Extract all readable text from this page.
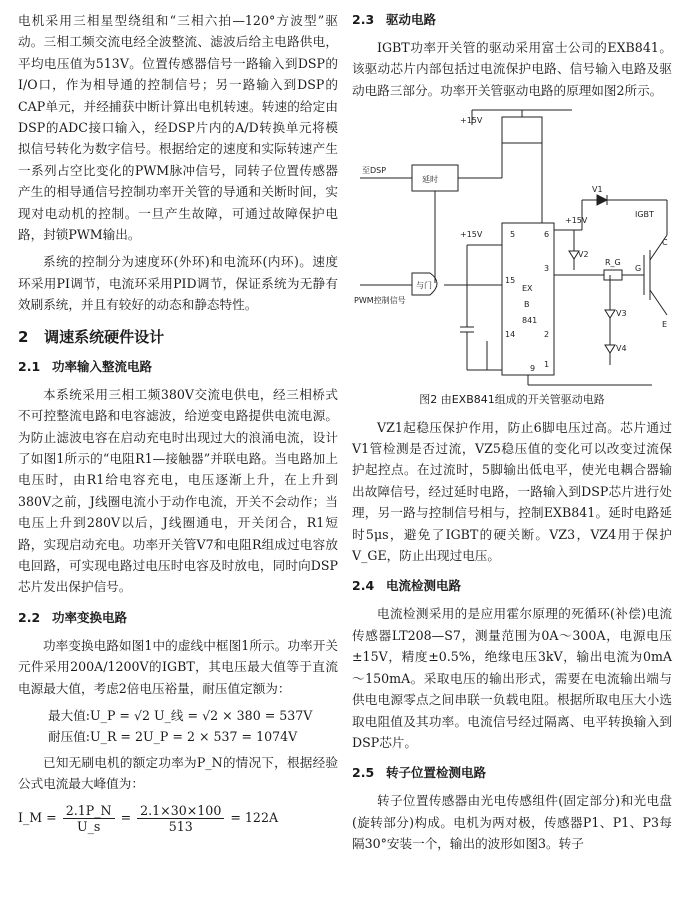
电机采用三相星型绕组和“三相六拍—120°方波型”驱动。三相工频交流电经全波整流、滤波后给主电路供电，平均电压值为513V。位置传感器信号一路输入到DSP的I/O口，作为相导通的控制信号；另一路输入到DSP的CAP单元，并经捕获中断计算出电机转速。转速的给定由DSP的ADC接口输入，经DSP片内的A/D转换单元将模拟信号转化为数字信号。根据给定的速度和实际转速产生一系列占空比变化的PWM脉冲信号，同转子位置传感器产生的相导通信号控制功率开关管的导通和关断时间，实现对电动机的控制。一旦产生故障，可通过故障保护电路，封锁PWM输出。

系统的控制分为速度环(外环)和电流环(内环)。速度环采用PI调节，电流环采用PID调节，保证系统为无静有效刷系统，并且有较好的动态和静态特性。

2 调速系统硬件设计
2.1 功率输入整流电路

本系统采用三相工频380V交流电供电，经三相桥式不可控整流电路和电容滤波，给逆变电路提供电流电源。为防止滤波电容在启动充电时出现过大的浪涌电流，设计了如图1所示的“电阻R1—接触器”并联电路。当电路加上电压时，由R1给电容充电，电压逐渐上升，在上升到380V之前，J线圈电流小于动作电流，开关不会动作；当电压上升到280V以后，J线圈通电，开关闭合，R1短路，实现启动充电。功率开关管V7和电阻R组成过电容放电回路，可实现电路过电压时电容及时放电，同时向DSP芯片发出保护信号。

2.2 功率变换电路

功率变换电路如图1中的虚线中框图1所示。功率开关元件采用200A/1200V的IGBT，其电压最大值等于直流电源最大值，考虑2倍电压裕量，耐压值定额为：

最大值:U_P = √2 U_线 = √2 × 380 = 537V

耐压值:U_R = 2U_P = 2 × 537 = 1074V

已知无刷电机的额定功率为P_N的情况下，根据经验公式电流最大峰值为：

I_M = $\frac{2.1P\_N}{U\_s} = \frac{2.1\times 30\times 100}{513} = 122A$

2.3 驱动电路

IGBT功率开关管的驱动采用富士公司的EXB841。该驱动芯片内部包括过电流保护电路、信号输入电路及驱动电路三部分。功率开关管驱动电路的原理如图2所示。

+15V
至DSP
延时
与门
PWM控制信号
+15V
+15V
EX
B
841
5	6
3
2
15
14
1
9
V1
V2
V3
V4
R_G
IGBT
C
G
E

图2 由EXB841组成的开关管驱动电路

VZ1起稳压保护作用，防止6脚电压过高。芯片通过V1管检测是否过流，VZ5稳压值的变化可以改变过流保护起控点。在过流时，5脚输出低电平，使光电耦合器输出故障信号，经过延时电路，一路输入到DSP芯片进行处理，另一路与控制信号相与，控制EXB841。延时电路延时5μs，避免了IGBT的硬关断。VZ3，VZ4用于保护V_GE，防止出现过电压。

2.4 电流检测电路

电流检测采用的是应用霍尔原理的死循环(补偿)电流传感器LT208—S7，测量范围为0A～300A，电源电压±15V，精度±0.5%，绝缘电压3kV，输出电流为0mA～150mA。采取电压的输出形式，需要在电流输出端与供电电源零点之间串联一负载电阻。根据所取电压大小选取电阻值及其功率。电流信号经过隔离、电平转换输入到DSP芯片。

2.5 转子位置检测电路

转子位置传感器由光电传感组件(固定部分)和光电盘(旋转部分)构成。电机为两对极，传感器P1、P1、P3每隔30°安装一个，输出的波形如图3。转子
